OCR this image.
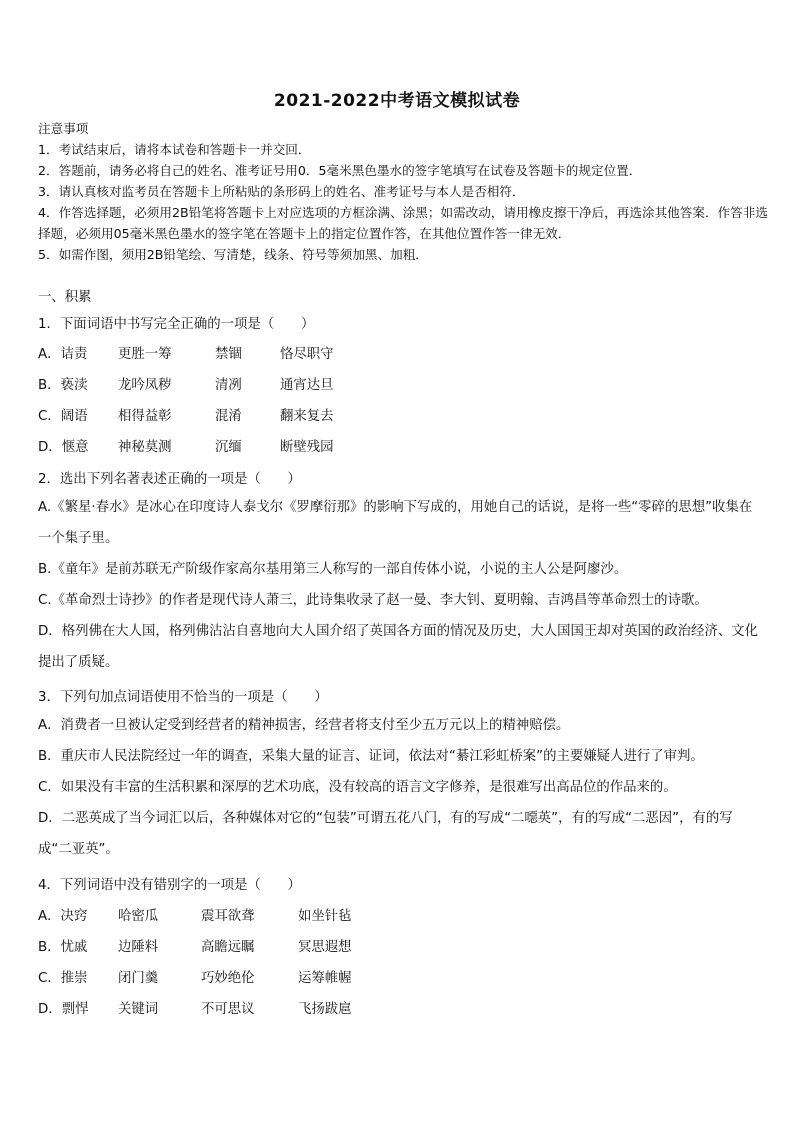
2021-2022中考语文模拟试卷

注意事项

1．考试结束后，请将本试卷和答题卡一并交回．

2．答题前，请务必将自己的姓名、准考证号用0．5毫米黑色墨水的签字笔填写在试卷及答题卡的规定位置．

3．请认真核对监考员在答题卡上所粘贴的条形码上的姓名、准考证号与本人是否相符．

4．作答选择题，必须用2B铅笔将答题卡上对应选项的方框涂满、涂黑；如需改动，请用橡皮擦干净后，再选涂其他答案．作答非选择题，必须用05毫米黑色墨水的签字笔在答题卡上的指定位置作答，在其他位置作答一律无效．

5．如需作图，须用2B铅笔绘、写清楚，线条、符号等须加黑、加粗．

一、积累
1．下面词语中书写完全正确的一项是（　　）
A．诘责 更胜一筹	禁锢	恪尽职守
B．亵渎 龙吟凤秽	清冽	通宵达旦
C．阔语 相得益彰	混淆	翻来复去
D．惬意 神秘莫测	沉缅	断壁残园
2．选出下列名著表述正确的一项是（　　）

A.《繁星·春水》是冰心在印度诗人泰戈尔《罗摩衍那》的影响下写成的，用她自己的话说，是将一些“零碎的思想”收集在一个集子里。

B.《童年》是前苏联无产阶级作家高尔基用第三人称写的一部自传体小说，小说的主人公是阿廖沙。

C.《革命烈士诗抄》的作者是现代诗人萧三，此诗集收录了赵一曼、李大钊、夏明翰、吉鸿昌等革命烈士的诗歌。

D．格列佛在大人国，格列佛沾沾自喜地向大人国介绍了英国各方面的情况及历史，大人国国王却对英国的政治经济、文化提出了质疑。

3．下列句加点词语使用不恰当的一项是（　　）

A．消费者一旦被认定受到经营者的精神损害，经营者将支付至少五万元以上的精神赔偿。

B．重庆市人民法院经过一年的调查，采集大量的证言、证词，依法对“綦江彩虹桥案”的主要嫌疑人进行了审判。

C．如果没有丰富的生活积累和深厚的艺术功底，没有较高的语言文字修养，是很难写出高品位的作品来的。

D．二恶英成了当今词汇以后，各种媒体对它的“包装”可谓五花八门，有的写成“二噁英”，有的写成“二恶因”，有的写成“二亚英”。

4．下列词语中没有错别字的一项是（　　）
A．决窍 哈密瓜	震耳欲聋	如坐针毡
B．忧戚 边陲料	高瞻远瞩	冥思遐想
C．推崇 闭门羹	巧妙绝伦	运筹帷幄
D．剽悍 关键词	不可思议	飞扬跋扈
